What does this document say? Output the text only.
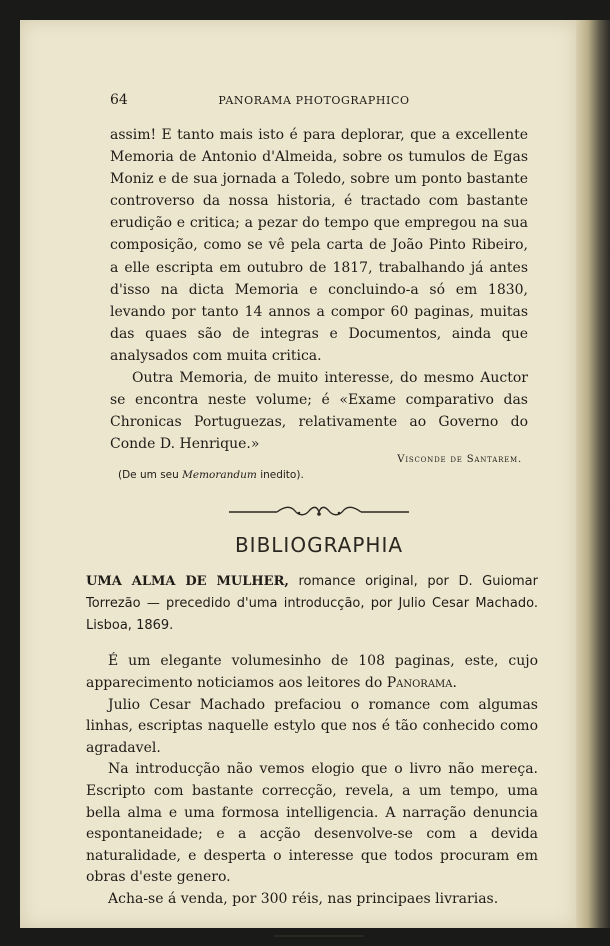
64	PANORAMA PHOTOGRAPHICO

assim! E tanto mais isto é para deplorar, que a excellente Memoria de Antonio d'Almeida, sobre os tumulos de Egas Moniz e de sua jornada a Toledo, sobre um ponto bastante controverso da nossa historia, é tractado com bastante erudição e critica; a pezar do tempo que empregou na sua composição, como se vê pela carta de João Pinto Ribeiro, a elle escripta em outubro de 1817, trabalhando já antes d'isso na dicta Memoria e concluindo-a só em 1830, levando por tanto 14 annos a compor 60 paginas, muitas das quaes são de integras e Documentos, ainda que analysados com muita critica.

Outra Memoria, de muito interesse, do mesmo Auctor se encontra neste volume; é «Exame comparativo das Chronicas Portuguezas, relativamente ao Governo do Conde D. Henrique.»

Visconde de Santarem.
(De um seu Memorandum inedito).
BIBLIOGRAPHIA
UMA ALMA DE MULHER, romance original, por D. Guiomar Torrezão — precedido d'uma introducção, por Julio Cesar Machado. Lisboa, 1869.

É um elegante volumesinho de 108 paginas, este, cujo apparecimento noticiamos aos leitores do Panorama.

Julio Cesar Machado prefaciou o romance com algumas linhas, escriptas naquelle estylo que nos é tão conhecido como agradavel.

Na introducção não vemos elogio que o livro não mereça. Escripto com bastante correcção, revela, a um tempo, uma bella alma e uma formosa intelligencia. A narração denuncia espontaneidade; e a acção desenvolve-se com a devida naturalidade, e desperta o interesse que todos procuram em obras d'este genero.

Acha-se á venda, por 300 réis, nas principaes livrarias.
